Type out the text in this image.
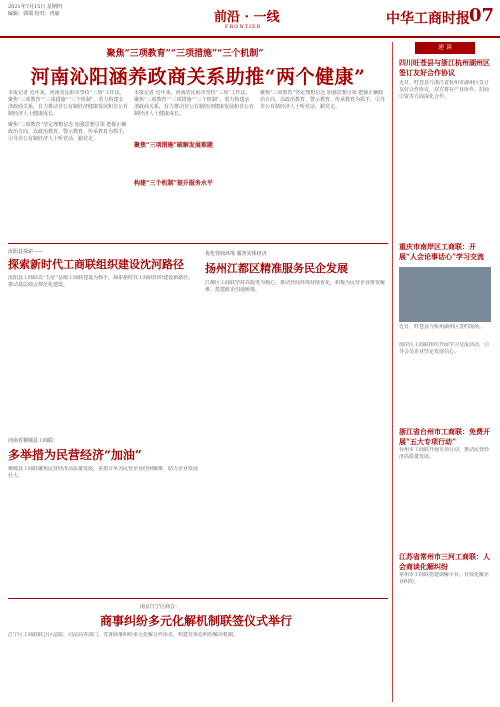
2021年7月15日 星期四
编辑：郭瑞 校对：冉丽	前沿 · 一线
FRONTIER	中华工商时报
07
聚焦“三项教育”“三项措施”“三个机制”
河南沁阳涵养政商关系助推“两个健康”
本报记者 近年来，河南省沁阳市坚持“三项”工作法，聚焦“三项教育”“三项措施”“三个机制”，着力构建亲清政商关系，有力推动非公有制经济健康发展和非公有制经济人士健康成长。
聚焦“三项教育”坚定理想信念 加强思想引领 把握正确政治方向，以政治教育、警示教育、传承教育为抓手，引导非公有制经济人士听党话、跟党走。
聚焦“三项措施”破解发展难题
本报记者 近年来，河南省沁阳市坚持“三项”工作法，聚焦“三项教育”“三项措施”“三个机制”，着力构建亲清政商关系，有力推动非公有制经济健康发展和非公有制经济人士健康成长。
构建“三个机制”提升服务水平
聚焦“三项教育”坚定理想信念 加强思想引领 把握正确政治方向，以政治教育、警示教育、传承教育为抓手，引导非公有制经济人士听党话、跟党走。
汝阳县探索——
探索新时代工商联组织建设沈河路径
汝阳县工商联以“五好”县级工商联建设为抓手，探索新时代工商联组织建设新路径，推动基层商会规范化建设。
河南省桐城县工商联：
多举措为民营经济“加油”
桐城县工商联聚焦民营经济高质量发展，多措并举为民营企业纾困解难，助力企业发展壮大。
优化营商环境 服务实体经济
扬州江都区精准服务民企发展
江都区工商联坚持以服务为核心，推动营商环境持续优化，积极为民营企业排忧解难，搭建政企沟通桥梁。
南京江宁区商会：
商事纠纷多元化解机制联签仪式举行
江宁区工商联联合区法院、司法局等部门，签署商事纠纷多元化解合作协议，构建非诉讼纠纷解决机制。
速 读
四川旺苍县与浙江杭州湖州区签订友好合作协议
近日，旺苍县与浙江省杭州市湖州区签订友好合作协议，双方将在产业协作、招商引资等方面深化合作。
重庆市南岸区工商联：开展“人会论事话心”学习交流
近日，旺苍县与杭州湖州区签约现场。
南岸区工商联组织开展学习交流活动，引导会员企业坚定发展信心。
浙江省台州市工商联：免费开展“五大专项行动”
台州市工商联开展专项行动，推动民营经济高质量发展。
江苏省常州市三河工商联：人会商谈化解纠纷
常州市工商联搭建调解平台，有效化解企业纠纷。
